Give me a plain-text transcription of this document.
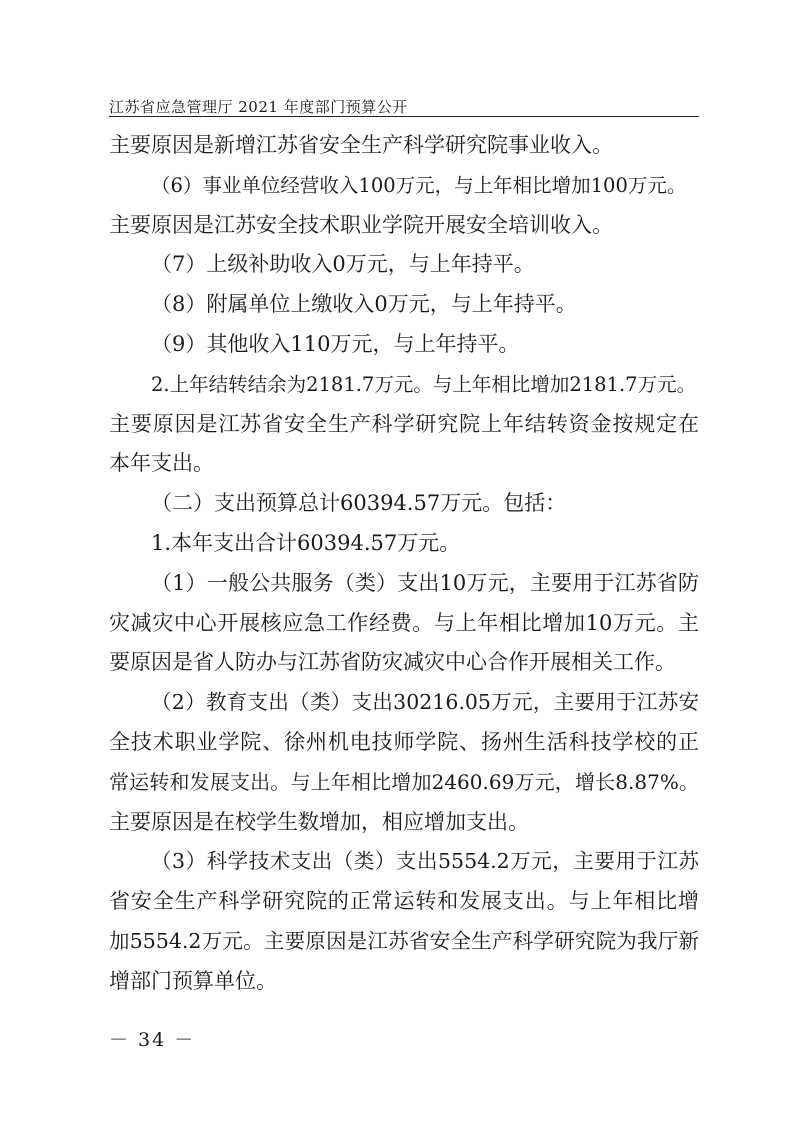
江苏省应急管理厅 2021 年度部门预算公开
主要原因是新增江苏省安全生产科学研究院事业收入。
（6）事业单位经营收入100万元，与上年相比增加100万元。
主要原因是江苏安全技术职业学院开展安全培训收入。
（7）上级补助收入0万元，与上年持平。
（8）附属单位上缴收入0万元，与上年持平。
（9）其他收入110万元，与上年持平。
2.上年结转结余为2181.7万元。与上年相比增加2181.7万元。
主要原因是江苏省安全生产科学研究院上年结转资金按规定在
本年支出。
（二）支出预算总计60394.57万元。包括：
1.本年支出合计60394.57万元。
（1）一般公共服务（类）支出10万元，主要用于江苏省防
灾减灾中心开展核应急工作经费。与上年相比增加10万元。主
要原因是省人防办与江苏省防灾减灾中心合作开展相关工作。
（2）教育支出（类）支出30216.05万元，主要用于江苏安
全技术职业学院、徐州机电技师学院、扬州生活科技学校的正
常运转和发展支出。与上年相比增加2460.69万元，增长8.87%。
主要原因是在校学生数增加，相应增加支出。
（3）科学技术支出（类）支出5554.2万元，主要用于江苏
省安全生产科学研究院的正常运转和发展支出。与上年相比增
加5554.2万元。主要原因是江苏省安全生产科学研究院为我厅新
增部门预算单位。
－ 34 －
